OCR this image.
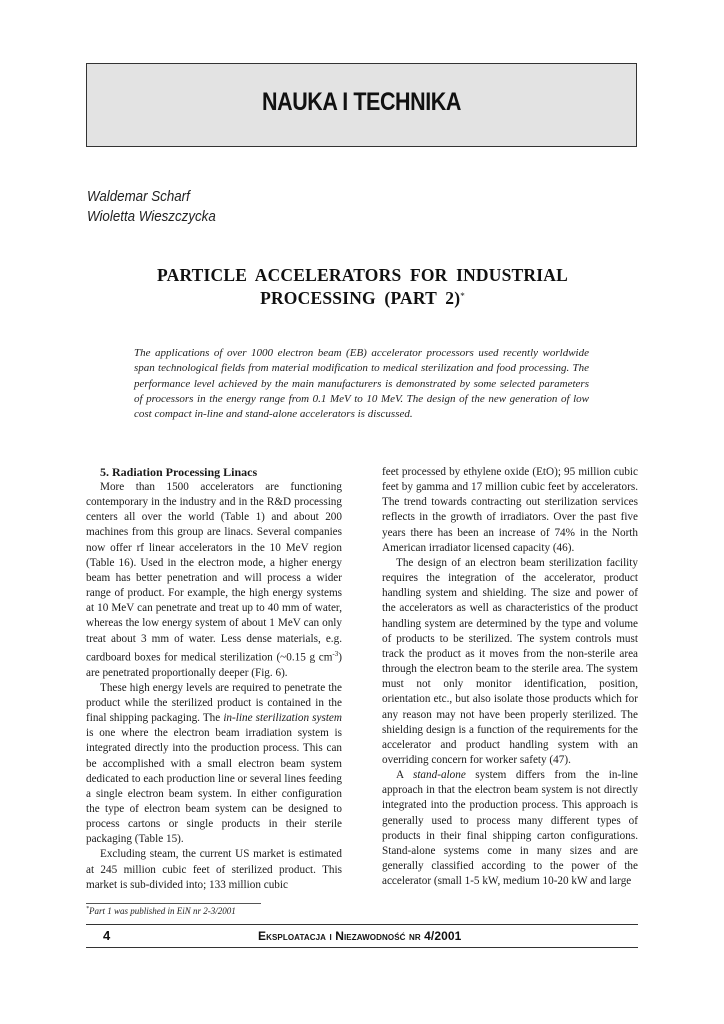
NAUKA I TECHNIKA
Waldemar Scharf
Wioletta Wieszczycka
PARTICLE ACCELERATORS FOR INDUSTRIAL
PROCESSING (PART 2)*
The applications of over 1000 electron beam (EB) accelerator processors used recently worldwide span technological fields from material modification to medical sterilization and food processing. The performance level achieved by the main manufacturers is demonstrated by some selected parameters of processors in the energy range from 0.1 MeV to 10 MeV. The design of the new generation of low cost compact in-line and stand-alone accelerators is discussed.

5. Radiation Processing Linacs

More than 1500 accelerators are functioning contemporary in the industry and in the R&D processing centers all over the world (Table 1) and about 200 machines from this group are linacs. Several companies now offer rf linear accelerators in the 10 MeV region (Table 16). Used in the electron mode, a higher energy beam has better penetration and will process a wider range of product. For example, the high energy systems at 10 MeV can penetrate and treat up to 40 mm of water, whereas the low energy system of about 1 MeV can only treat about 3 mm of water. Less dense materials, e.g. cardboard boxes for medical sterilization (~0.15 g $cm^{-3}$) are penetrated proportionally deeper (Fig. 6).

These high energy levels are required to penetrate the product while the sterilized product is contained in the final shipping packaging. The in-line sterilization system is one where the electron beam irradiation system is integrated directly into the production process. This can be accomplished with a small electron beam system dedicated to each production line or several lines feeding a single electron beam system. In either configuration the type of electron beam system can be designed to process cartons or single products in their sterile packaging (Table 15).

Excluding steam, the current US market is estimated at 245 million cubic feet of sterilized product. This market is sub-divided into; 133 million cubic

feet processed by ethylene oxide (EtO); 95 million cubic feet by gamma and 17 million cubic feet by accelerators. The trend towards contracting out sterilization services reflects in the growth of irradiators. Over the past five years there has been an increase of 74% in the North American irradiator licensed capacity (46).

The design of an electron beam sterilization facility requires the integration of the accelerator, product handling system and shielding. The size and power of the accelerators as well as characteristics of the product handling system are determined by the type and volume of products to be sterilized. The system controls must track the product as it moves from the non-sterile area through the electron beam to the sterile area. The system must not only monitor identification, position, orientation etc., but also isolate those products which for any reason may not have been properly sterilized. The shielding design is a function of the requirements for the accelerator and product handling system with an overriding concern for worker safety (47).

A stand-alone system differs from the in-line approach in that the electron beam system is not directly integrated into the production process. This approach is generally used to process many different types of products in their final shipping carton configurations. Stand-alone systems come in many sizes and are generally classified according to the power of the accelerator (small 1-5 kW, medium 10-20 kW and large

*Part 1 was published in EiN nr 2-3/2001
4	Eksploatacja i Niezawodność nr 4/2001
